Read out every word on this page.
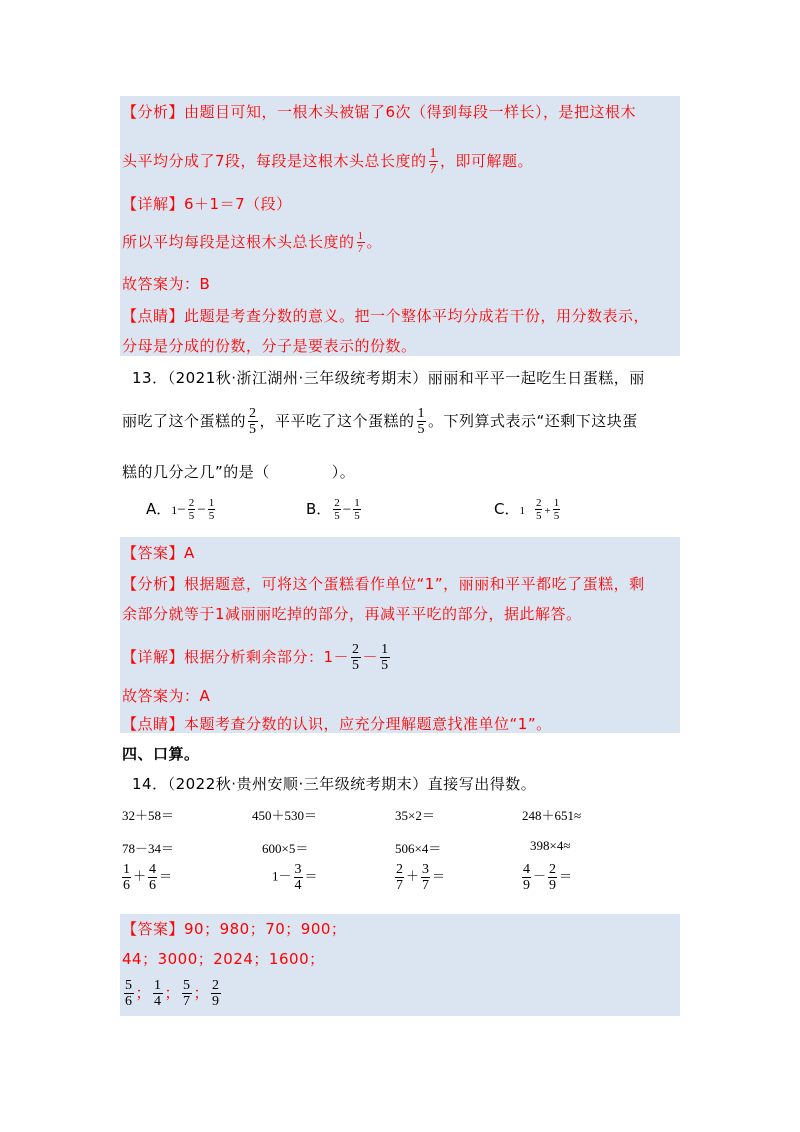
【分析】由题目可知，一根木头被锯了6次（得到每段一样长），是把这根木
头平均分成了7段，每段是这根木头总长度的 $\frac{1}{7}$ ，即可解题。
【详解】6＋1＝7（段）
所以平均每段是这根木头总长度的 $\frac{1}{7}$ 。
故答案为：B
【点睛】此题是考查分数的意义。把一个整体平均分成若干份，用分数表示，
分母是分成的份数，分子是要表示的份数。
13．（2021秋·浙江湖州·三年级统考期末）丽丽和平平一起吃生日蛋糕，丽
丽吃了这个蛋糕的 $\frac{2}{5}$ ，平平吃了这个蛋糕的 $\frac{1}{5}$ 。下列算式表示“还剩下这块蛋
糕的几分之几”的是（　　　　）。
A．$1- \frac{2}{5} - \frac{1}{5}$	B． $\frac{2}{5} - \frac{1}{5}$	C．$1 \frac{2}{5} + \frac{1}{5}$
【答案】A
【分析】根据题意，可将这个蛋糕看作单位“1”，丽丽和平平都吃了蛋糕，剩
余部分就等于1减丽丽吃掉的部分，再减平平吃的部分，据此解答。
【详解】根据分析剩余部分：$1- \frac{2}{5} - \frac{1}{5}$
故答案为：A
【点睛】本题考查分数的认识，应充分理解题意找准单位“1”。
四、口算。
14．（2022秋·贵州安顺·三年级统考期末）直接写出得数。
32＋58＝	450＋530＝	35×2＝	248＋651≈
78－34＝	600×5＝	506×4＝	398×4≈
$\frac{1}{6} + \frac{4}{6}$ ＝	$1- \frac{3}{4}$ ＝	$\frac{2}{7} + \frac{3}{7}$ ＝	$\frac{4}{9} - \frac{2}{9}$ ＝
【答案】90；980；70；900；
44；3000；2024；1600；
$\frac{5}{6}$ ； $\frac{1}{4}$ ； $\frac{5}{7}$ ； $\frac{2}{9}$
